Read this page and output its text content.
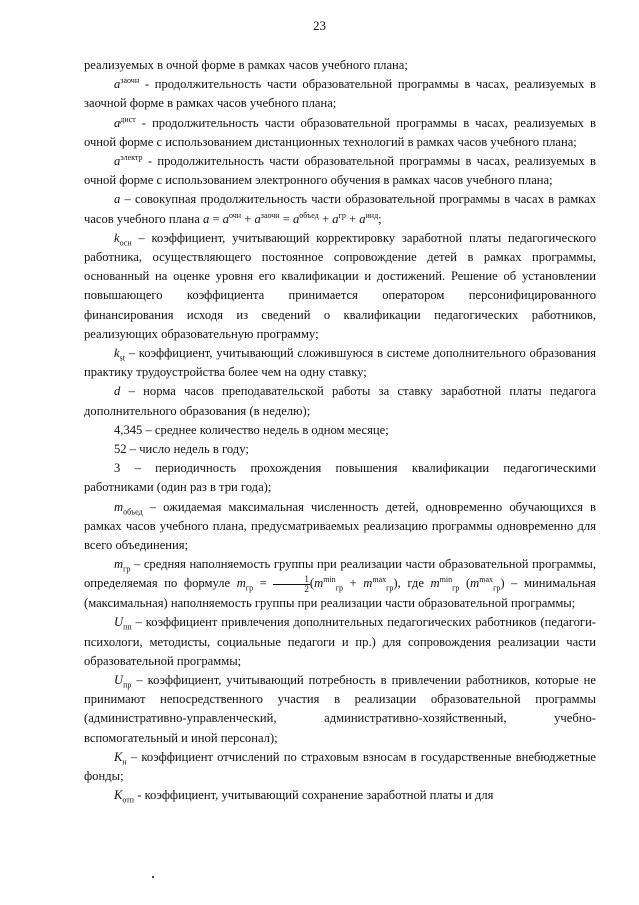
23

реализуемых в очной форме в рамках часов учебного плана;

$a^{заочн}$ - продолжительность части образовательной программы в часах, реализуемых в заочной форме в рамках часов учебного плана;

$a^{дист}$ - продолжительность части образовательной программы в часах, реализуемых в очной форме с использованием дистанционных технологий в рамках часов учебного плана;

$a^{электр}$ - продолжительность части образовательной программы в часах, реализуемых в очной форме с использованием электронного обучения в рамках часов учебного плана;

a – совокупная продолжительность части образовательной программы в часах в рамках часов учебного плана $a = a^{очн} + a^{заочн} = a^{объед} + a^{гр} + a^{инд}$;

$k_{осн}$ – коэффициент, учитывающий корректировку заработной платы педагогического работника, осуществляющего постоянное сопровождение детей в рамках программы, основанный на оценке уровня его квалификации и достижений. Решение об установлении повышающего коэффициента принимается оператором персонифицированного финансирования исходя из сведений о квалификации педагогических работников, реализующих образовательную программу;

$k_{st}$ – коэффициент, учитывающий сложившуюся в системе дополнительного образования практику трудоустройства более чем на одну ставку;

d – норма часов преподавательской работы за ставку заработной платы педагога дополнительного образования (в неделю);

4,345 – среднее количество недель в одном месяце;

52 – число недель в году;

3 – периодичность прохождения повышения квалификации педагогическими работниками (один раз в три года);

$m_{объед}$ – ожидаемая максимальная численность детей, одновременно обучающихся в рамках часов учебного плана, предусматриваемых реализацию программы одновременно для всего объединения;

$m_{гр}$ – средняя наполняемость группы при реализации части образовательной программы, определяемая по формуле $m_{гр} = \frac{1}{2} (m^{min}_{гр} + m^{max}_{гр})$, где $m^{min}_{гр}$ $(m^{max}_{гр})$ – минимальная (максимальная) наполняемость группы при реализации части образовательной программы;

$U_{пп}$ – коэффициент привлечения дополнительных педагогических работников (педагоги-психологи, методисты, социальные педагоги и пр.) для сопровождения реализации части образовательной программы;

$U_{пр}$ – коэффициент, учитывающий потребность в привлечении работников, которые не принимают непосредственного участия в реализации образовательной программы (административно-управленческий, административно-хозяйственный, учебно-вспомогательный и иной персонал);

$K_н$ – коэффициент отчислений по страховым взносам в государственные внебюджетные фонды;

$K_{отп}$ - коэффициент, учитывающий сохранение заработной платы и для
